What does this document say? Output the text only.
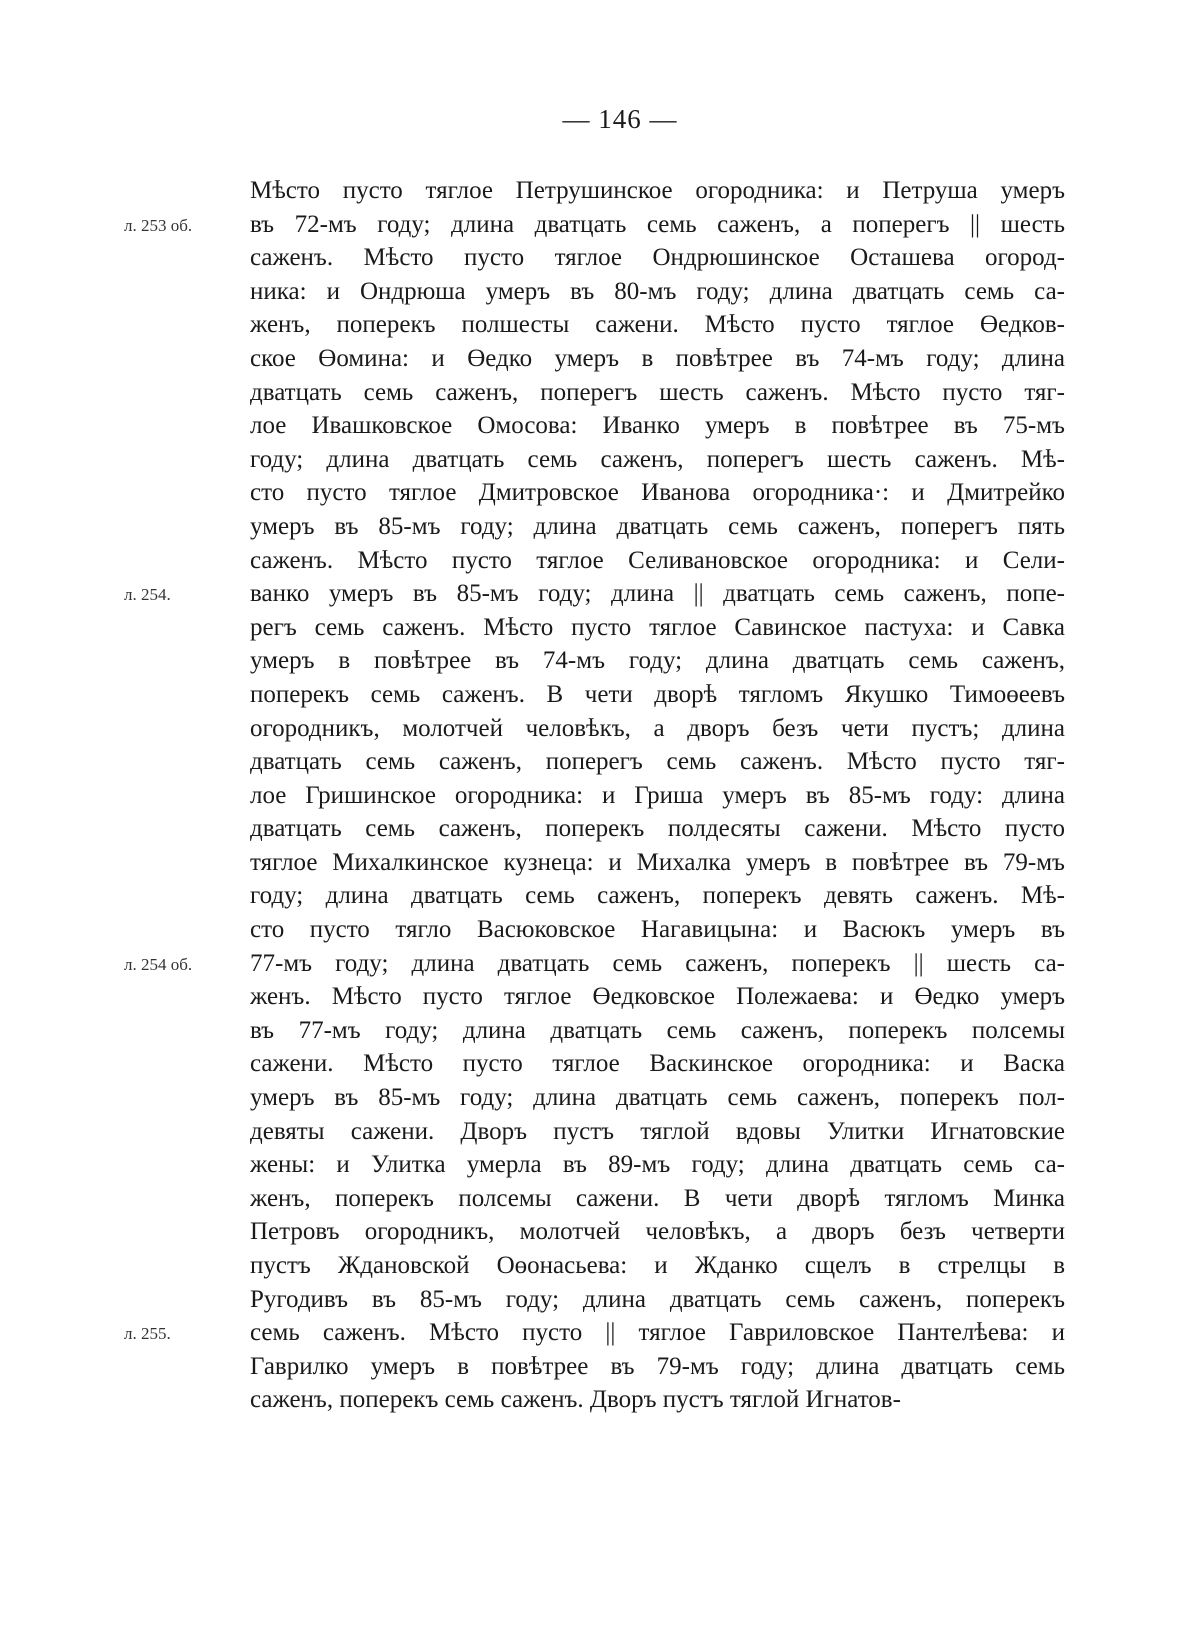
— 146 —
Мѣсто пусто тяглое Петрушинское огородника: и Петруша умеръ
въ 72-мъ году; длина дватцать семь саженъ, а поперегъ || шесть
саженъ. Мѣсто пусто тяглое Ондрюшинское Осташева огород-
ника: и Ондрюша умеръ въ 80-мъ году; длина дватцать семь са-
женъ, поперекъ полшесты сажени. Мѣсто пусто тяглое Өедков-
ское Өомина: и Өедко умеръ в повѣтрее въ 74-мъ году; длина
дватцать семь саженъ, поперегъ шесть саженъ. Мѣсто пусто тяг-
лое Ивашковское Омосова: Иванко умеръ в повѣтрее въ 75-мъ
году; длина дватцать семь саженъ, поперегъ шесть саженъ. Мѣ-
сто пусто тяглое Дмитровское Иванова огородника·: и Дмитрейко
умеръ въ 85-мъ году; длина дватцать семь саженъ, поперегъ пять
саженъ. Мѣсто пусто тяглое Селивановское огородника: и Сели-
ванко умеръ въ 85-мъ году; длина || дватцать семь саженъ, попе-
регъ семь саженъ. Мѣсто пусто тяглое Савинское пастуха: и Савка
умеръ в повѣтрее въ 74-мъ году; длина дватцать семь саженъ,
поперекъ семь саженъ. В чети дворѣ тягломъ Якушко Тимоөеевъ
огородникъ, молотчей человѣкъ, а дворъ безъ чети пустъ; длина
дватцать семь саженъ, поперегъ семь саженъ. Мѣсто пусто тяг-
лое Гришинское огородника: и Гриша умеръ въ 85-мъ году: длина
дватцать семь саженъ, поперекъ полдесяты сажени. Мѣсто пусто
тяглое Михалкинское кузнеца: и Михалка умеръ в повѣтрее въ 79-мъ
году; длина дватцать семь саженъ, поперекъ девять саженъ. Мѣ-
сто пусто тягло Васюковское Нагавицына: и Васюкъ умеръ въ
77-мъ году; длина дватцать семь саженъ, поперекъ || шесть са-
женъ. Мѣсто пусто тяглое Өедковское Полежаева: и Өедко умеръ
въ 77-мъ году; длина дватцать семь саженъ, поперекъ полсемы
сажени. Мѣсто пусто тяглое Васкинское огородника: и Васка
умеръ въ 85-мъ году; длина дватцать семь саженъ, поперекъ пол-
девяты сажени. Дворъ пустъ тяглой вдовы Улитки Игнатовские
жены: и Улитка умерла въ 89-мъ году; длина дватцать семь са-
женъ, поперекъ полсемы сажени. В чети дворѣ тягломъ Минка
Петровъ огородникъ, молотчей человѣкъ, а дворъ безъ четверти
пустъ Ждановской Оөонасьева: и Жданко сщелъ в стрелцы в
Ругодивъ въ 85-мъ году; длина дватцать семь саженъ, поперекъ
семь саженъ. Мѣсто пусто || тяглое Гавриловское Пантелѣева: и
Гаврилко умеръ в повѣтрее въ 79-мъ году; длина дватцать семь
саженъ, поперекъ семь саженъ. Дворъ пустъ тяглой Игнатов-
л. 253 об.
л. 254.
л. 254 об.
л. 255.
